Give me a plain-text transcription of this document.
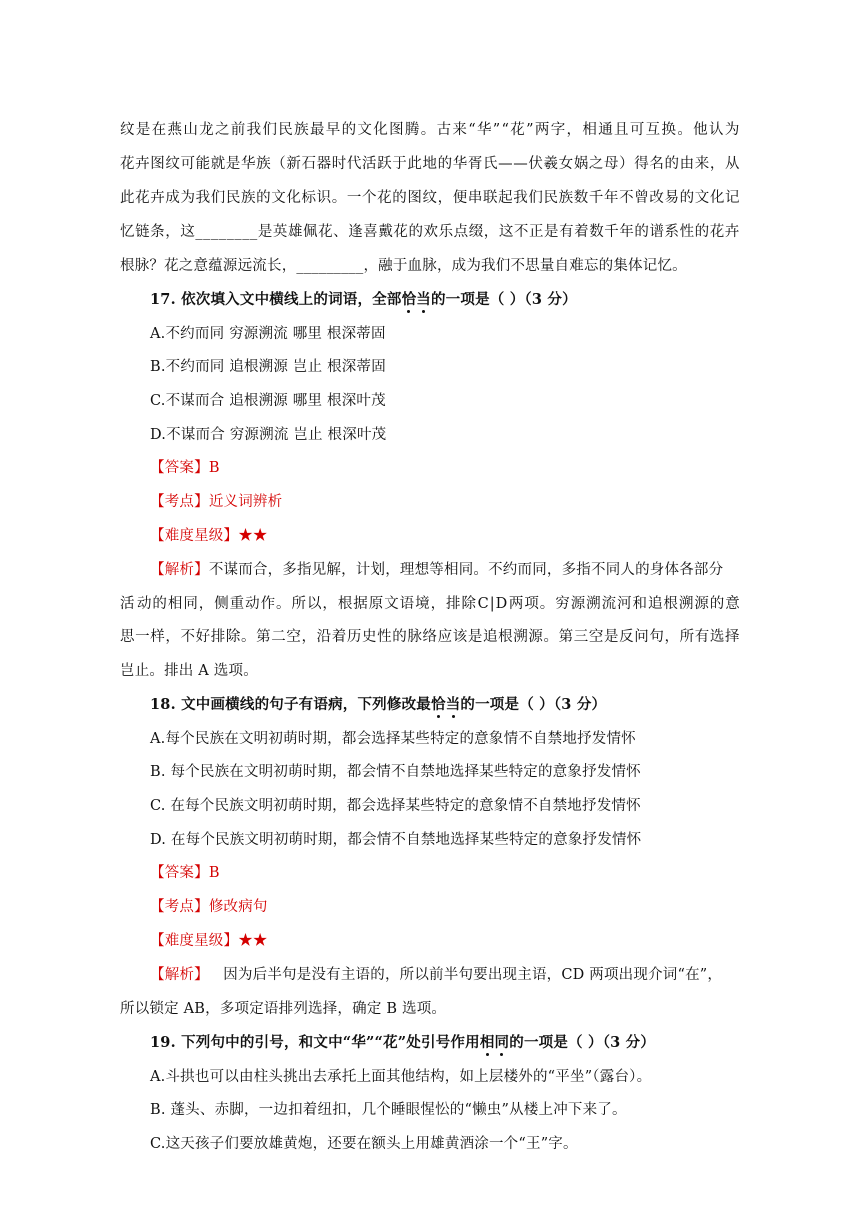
纹 是 在 燕 山 龙 之 前 我 们 民 族 最 早 的 文 化 图 腾 。 古 来 “ 华 ” “ 花 ” 两 字 ， 相 通 且 可 互 换 。 他 认 为
花 卉 图 纹 可 能 就 是 华 族 （ 新 石 器 时 代 活 跃 于 此 地 的 华 胥 氏 — — 伏 羲 女 娲 之 母 ） 得 名 的 由 来 ， 从
此 花 卉 成 为 我 们 民 族 的 文 化 标 识 。 一 个 花 的 图 纹 ， 便 串 联 起 我 们 民 族 数 千 年 不 曾 改 易 的 文 化 记
忆 链 条 ， 这 _ _ _ _ _ _ _ _ 是 英 雄 佩 花 、 逢 喜 戴 花 的 欢 乐 点 缀 ， 这 不 正 是 有 着 数 千 年 的 谱 系 性 的 花 卉
根脉？花之意蕴源远流长，_________，融于血脉，成为我们不思量自难忘的集体记忆。
17. 依次填入文中横线上的词语，全部恰当的一项是（ ）（3 分）
A.不约而同 穷源溯流 哪里 根深蒂固
B.不约而同 追根溯源 岂止 根深蒂固
C.不谋而合 追根溯源 哪里 根深叶茂
D.不谋而合 穷源溯流 岂止 根深叶茂
【答案】B
【考点】近义词辨析
【难度星级】★★
【解析】不谋而合，多指见解，计划，理想等相同。不约而同，多指不同人的身体各部分
活 动 的 相 同 ， 侧 重 动 作 。 所 以 ， 根 据 原 文 语 境 ， 排 除 C | D 两 项 。 穷 源 溯 流 河 和 追 根 溯 源 的 意
思 一 样 ， 不 好 排 除 。 第 二 空 ， 沿 着 历 史 性 的 脉 络 应 该 是 追 根 溯 源 。 第 三 空 是 反 问 句 ， 所 有 选 择
岂止。排出 A 选项。
18. 文中画横线的句子有语病，下列修改最恰当的一项是（ ）（3 分）
A.每个民族在文明初萌时期，都会选择某些特定的意象情不自禁地抒发情怀
B. 每个民族在文明初萌时期，都会情不自禁地选择某些特定的意象抒发情怀
C. 在每个民族文明初萌时期，都会选择某些特定的意象情不自禁地抒发情怀
D. 在每个民族文明初萌时期，都会情不自禁地选择某些特定的意象抒发情怀
【答案】B
【考点】修改病句
【难度星级】★★
【解析】   因为后半句是没有主语的，所以前半句要出现主语，CD 两项出现介词“在”，
所以锁定 AB，多项定语排列选择，确定 B 选项。
19. 下列句中的引号，和文中“华”“花”处引号作用相同的一项是（ ）（3 分）
A.斗拱也可以由柱头挑出去承托上面其他结构，如上层楼外的“平坐”（露台）。
B. 蓬头、赤脚，一边扣着纽扣，几个睡眼惺忪的“懒虫”从楼上冲下来了。
C.这天孩子们要放雄黄炮，还要在额头上用雄黄酒涂一个“王”字。
